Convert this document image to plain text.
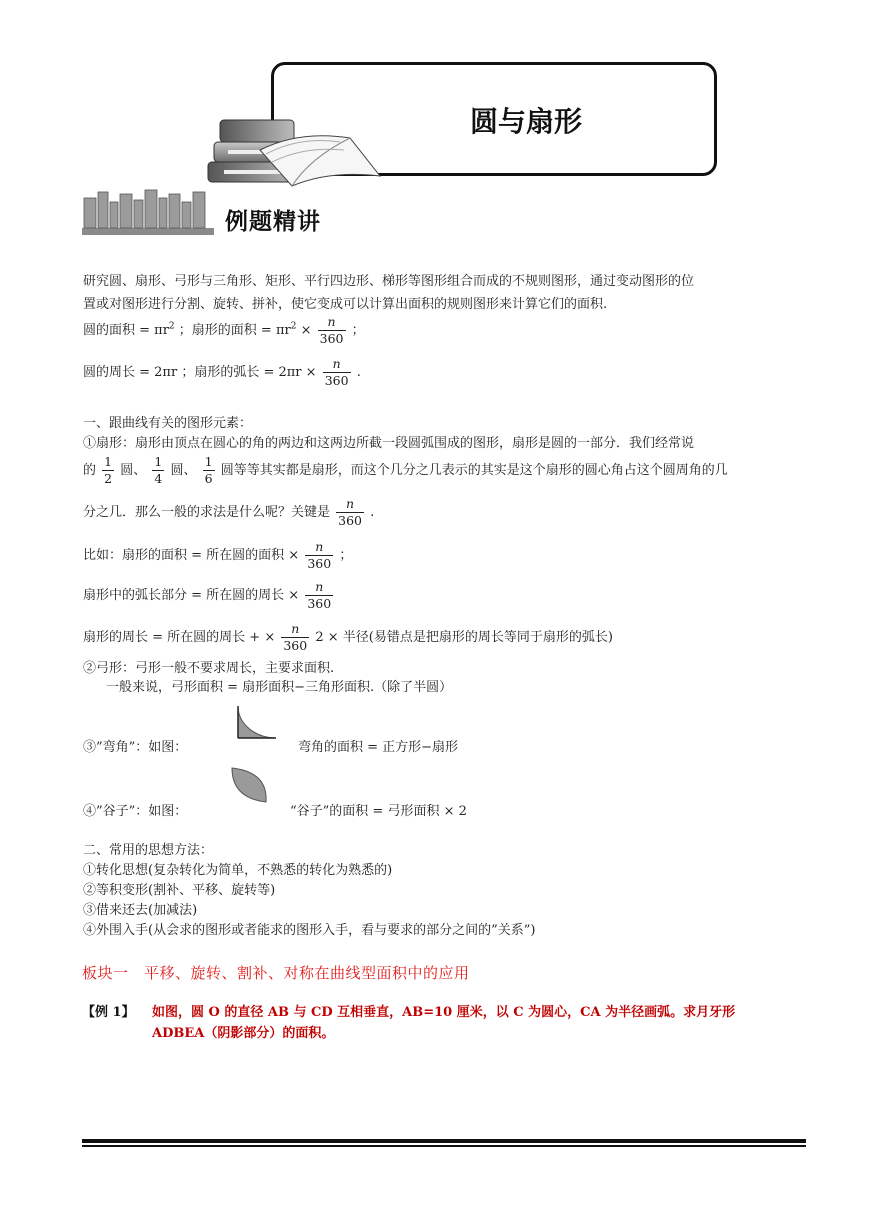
圆与扇形
例题精讲
研究圆、扇形、弓形与三角形、矩形、平行四边形、梯形等图形组合而成的不规则图形，通过变动图形的位
置或对图形进行分割、旋转、拼补，使它变成可以计算出面积的规则图形来计算它们的面积.
圆的面积 = $\pi r^2$ ；扇形的面积 = $\pi r^2 \times \frac{n}{360}$ ；
圆的周长 = 2πr ；扇形的弧长 = $2\pi r \times \frac{n}{360}$ .
一、跟曲线有关的图形元素：
①扇形：扇形由顶点在圆心的角的两边和这两边所截一段圆弧围成的图形，扇形是圆的一部分．我们经常说
的 $\frac{1}{2}$ 圆、 $\frac{1}{4}$ 圆、 $\frac{1}{6}$ 圆等等其实都是扇形，而这个几分之几表示的其实是这个扇形的圆心角占这个圆周角的几
分之几．那么一般的求法是什么呢？关键是 $\frac{n}{360}$ .
比如：扇形的面积 = 所在圆的面积 × $\frac{n}{360}$ ；
扇形中的弧长部分 = 所在圆的周长 × $\frac{n}{360}$
扇形的周长 = 所在圆的周长 + × $\frac{n}{360} 2$ × 半径(易错点是把扇形的周长等同于扇形的弧长)
②弓形：弓形一般不要求周长，主要求面积.
一般来说，弓形面积 = 扇形面积−三角形面积.（除了半圆）
③”弯角”：如图：	弯角的面积 = 正方形−扇形
④”谷子”：如图：	“谷子”的面积 = 弓形面积 × 2
二、常用的思想方法：
①转化思想(复杂转化为简单，不熟悉的转化为熟悉的)
②等积变形(割补、平移、旋转等)
③借来还去(加减法)
④外围入手(从会求的图形或者能求的图形入手，看与要求的部分之间的”关系”)
板块一　平移、旋转、割补、对称在曲线型面积中的应用
【例 1】 如图，圆 O 的直径 AB 与 CD 互相垂直，AB=10 厘米，以 C 为圆心，CA 为半径画弧。求月牙形
ADBEA（阴影部分）的面积。
